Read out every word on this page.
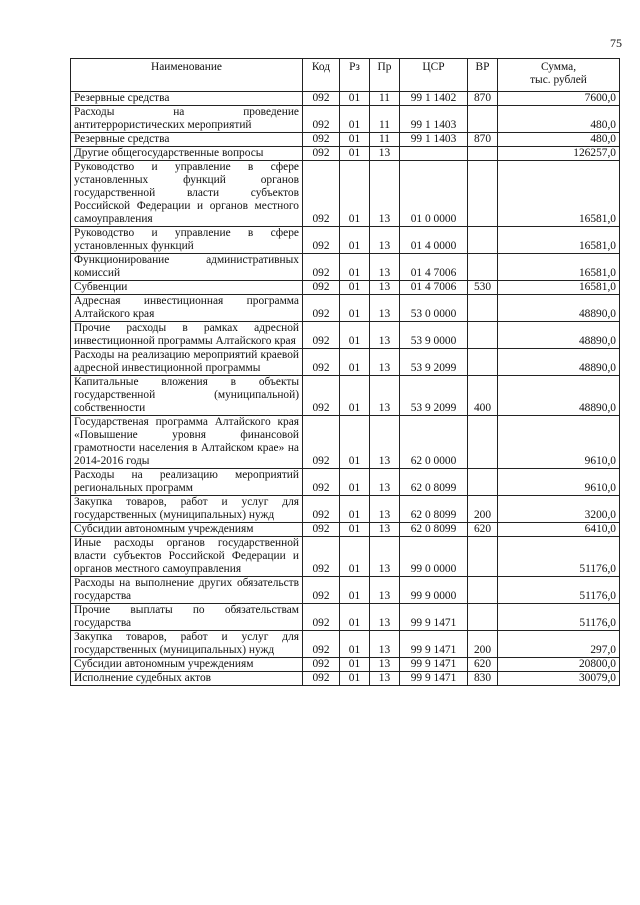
75
Наименование	Код	Рз	Пр	ЦСР	ВР	Сумма,
тыс. рублей

Резервные средства	092	01	11	99 1 1402	870	7600,0
Расходы на проведение антитеррористических мероприятий	092	01	11	99 1 1403		480,0
Резервные средства	092	01	11	99 1 1403	870	480,0
Другие общегосударственные вопросы	092	01	13			126257,0
Руководство и управление в сфере установленных функций органов государственной власти субъектов Российской Федерации и органов местного самоуправления	092	01	13	01 0 0000		16581,0
Руководство и управление в сфере установленных функций	092	01	13	01 4 0000		16581,0
Функционирование административных комиссий	092	01	13	01 4 7006		16581,0
Субвенции	092	01	13	01 4 7006	530	16581,0
Адресная инвестиционная программа Алтайского края	092	01	13	53 0 0000		48890,0
Прочие расходы в рамках адресной инвестиционной программы Алтайского края	092	01	13	53 9 0000		48890,0
Расходы на реализацию мероприятий краевой адресной инвестиционной программы	092	01	13	53 9 2099		48890,0
Капитальные вложения в объекты государственной (муниципальной) собственности	092	01	13	53 9 2099	400	48890,0
Государственая программа Алтайского края «Повышение уровня финансовой грамотности населения в Алтайском крае» на 2014-2016 годы	092	01	13	62 0 0000		9610,0
Расходы на реализацию мероприятий региональных программ	092	01	13	62 0 8099		9610,0
Закупка товаров, работ и услуг для государственных (муниципальных) нужд	092	01	13	62 0 8099	200	3200,0
Субсидии автономным учреждениям	092	01	13	62 0 8099	620	6410,0
Иные расходы органов государственной власти субъектов Российской Федерации и органов местного самоуправления	092	01	13	99 0 0000		51176,0
Расходы на выполнение других обязательств государства	092	01	13	99 9 0000		51176,0
Прочие выплаты по обязательствам государства	092	01	13	99 9 1471		51176,0
Закупка товаров, работ и услуг для государственных (муниципальных) нужд	092	01	13	99 9 1471	200	297,0
Субсидии автономным учреждениям	092	01	13	99 9 1471	620	20800,0
Исполнение судебных актов	092	01	13	99 9 1471	830	30079,0
